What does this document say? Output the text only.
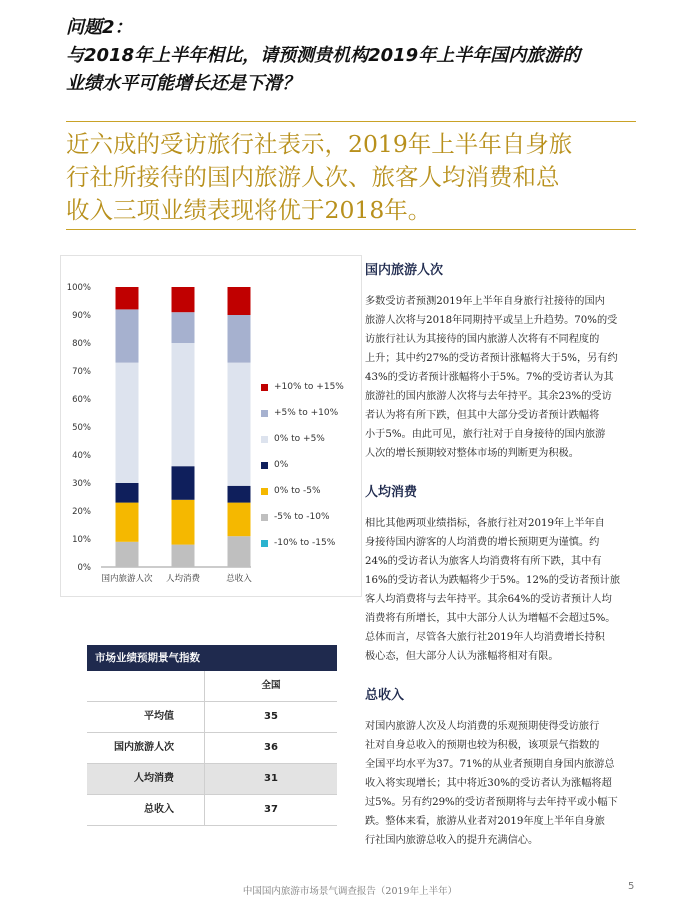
问题2：
与2018年上半年相比，请预测贵机构2019年上半年国内旅游的
业绩水平可能增长还是下滑？
近六成的受访旅行社表示，2019年上半年自身旅
行社所接待的国内旅游人次、旅客人均消费和总
收入三项业绩表现将优于2018年。
0%
10%
20%
30%
40%
50%
60%
70%
80%
90%
100%
国内旅游人次 人均消费	总收入
+10% to +15%
+5% to +10%
0% to +5%
0%
0% to -5%
-5% to -10%
-10% to -15%
市场业绩预期景气指数
全国
平均值	35
国内旅游人次	36
人均消费	31
总收入	37
国内旅游人次
多数受访者预测2019年上半年自身旅行社接待的国内
旅游人次将与2018年同期持平或呈上升趋势。70%的受
访旅行社认为其接待的国内旅游人次将有不同程度的
上升；其中约27%的受访者预计涨幅将大于5%，另有约
43%的受访者预计涨幅将小于5%。7%的受访者认为其
旅游社的国内旅游人次将与去年持平。其余23%的受访
者认为将有所下跌，但其中大部分受访者预计跌幅将
小于5%。由此可见，旅行社对于自身接待的国内旅游
人次的增长预期较对整体市场的判断更为积极。
人均消费
相比其他两项业绩指标，各旅行社对2019年上半年自
身接待国内游客的人均消费的增长预期更为谨慎。约
24%的受访者认为旅客人均消费将有所下跌，其中有
16%的受访者认为跌幅将少于5%。12%的受访者预计旅
客人均消费将与去年持平。其余64%的受访者预计人均
消费将有所增长，其中大部分人认为增幅不会超过5%。
总体而言，尽管各大旅行社2019年人均消费增长持积
极心态，但大部分人认为涨幅将相对有限。
总收入
对国内旅游人次及人均消费的乐观预期使得受访旅行
社对自身总收入的预期也较为积极，该项景气指数的
全国平均水平为37。71%的从业者预期自身国内旅游总
收入将实现增长；其中将近30%的受访者认为涨幅将超
过5%。另有约29%的受访者预期将与去年持平或小幅下
跌。整体来看，旅游从业者对2019年度上半年自身旅
行社国内旅游总收入的提升充满信心。
中国国内旅游市场景气调查报告（2019年上半年）	5
